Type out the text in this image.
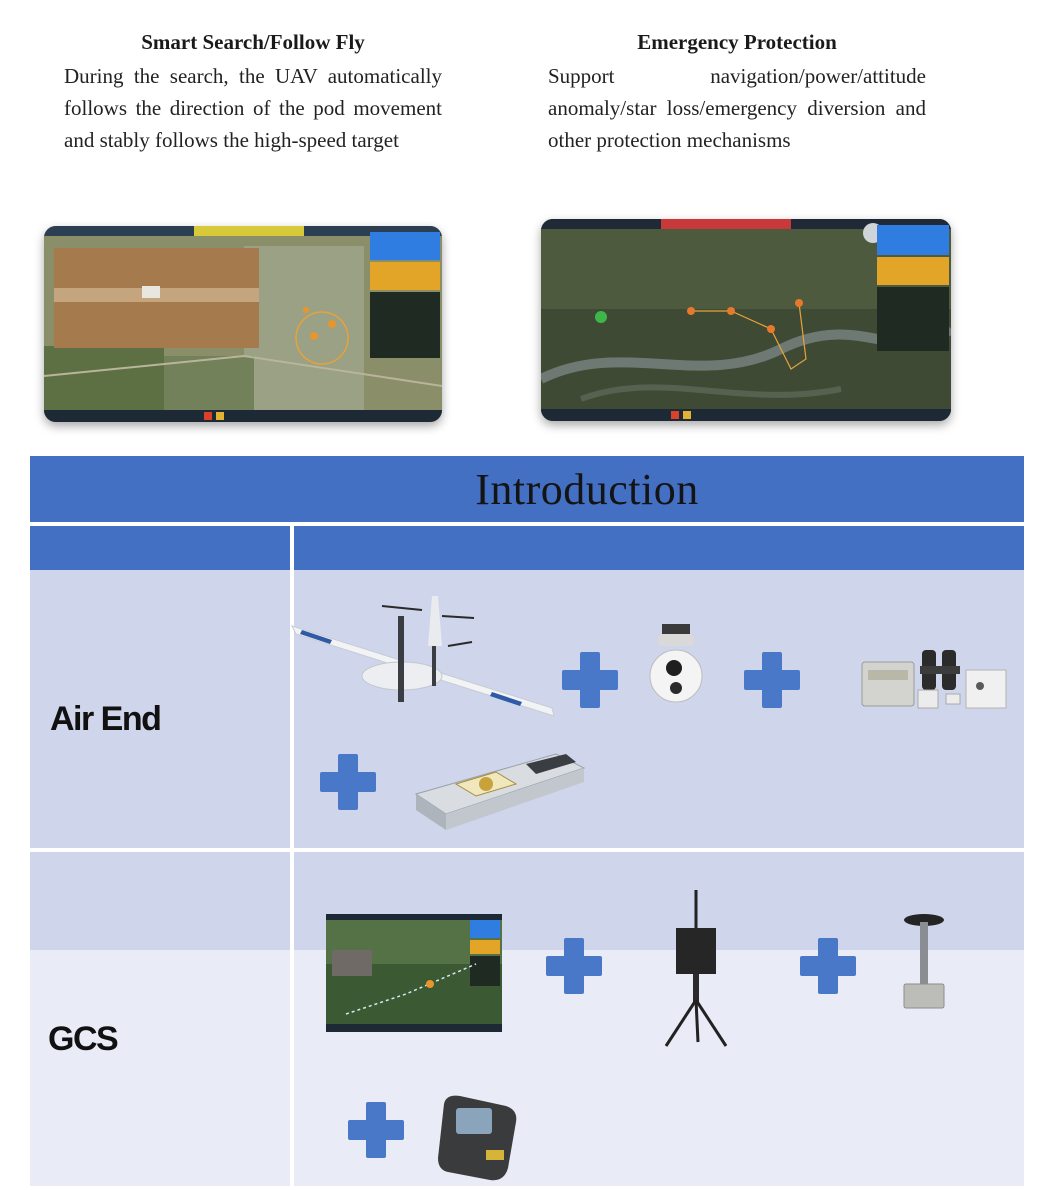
Smart Search/Follow Fly

During the search, the UAV automatically follows the direction of the pod movement and stably follows the high-speed target

Emergency Protection

Support navigation/power/attitude anomaly/star loss/emergency diversion and other protection mechanisms

Introduction
Air End
GCS
